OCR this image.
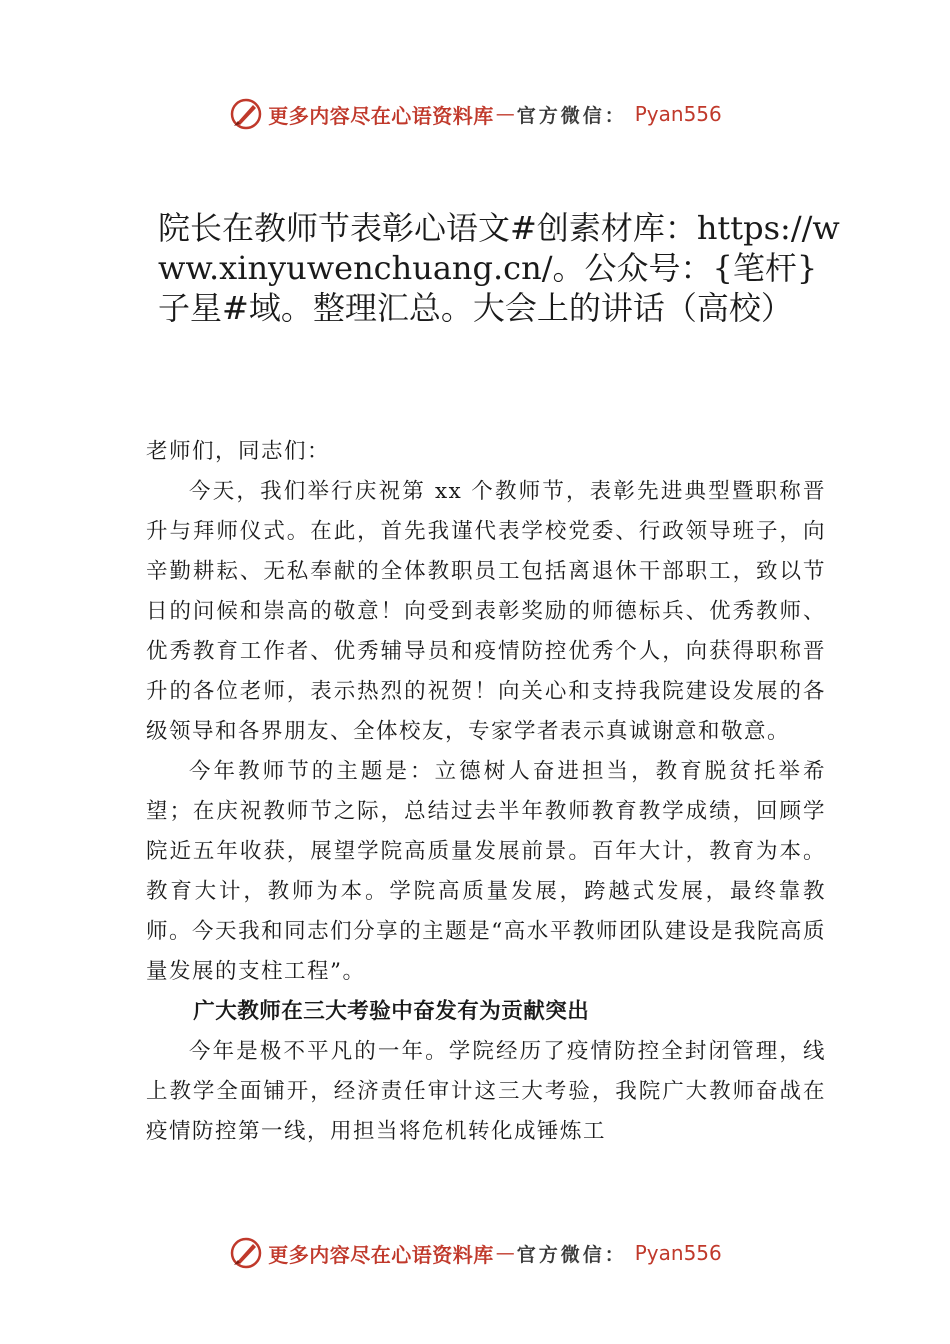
更多内容尽在心语资料库 — 官方微信： Pyan556
院长在教师节表彰心语文#创素材库：https://www.xinyuwenchuang.cn/。公众号：{笔杆}子星#域。整理汇总。大会上的讲话（高校）

老师们，同志们：

今天，我们举行庆祝第 xx 个教师节，表彰先进典型暨职称晋升与拜师仪式。在此，首先我谨代表学校党委、行政领导班子，向辛勤耕耘、无私奉献的全体教职员工包括离退休干部职工，致以节日的问候和崇高的敬意！向受到表彰奖励的师德标兵、优秀教师、优秀教育工作者、优秀辅导员和疫情防控优秀个人，向获得职称晋升的各位老师，表示热烈的祝贺！向关心和支持我院建设发展的各级领导和各界朋友、全体校友，专家学者表示真诚谢意和敬意。

今年教师节的主题是：立德树人奋进担当，教育脱贫托举希望；在庆祝教师节之际，总结过去半年教师教育教学成绩，回顾学院近五年收获，展望学院高质量发展前景。百年大计，教育为本。教育大计，教师为本。学院高质量发展，跨越式发展，最终靠教师。今天我和同志们分享的主题是“高水平教师团队建设是我院高质量发展的支柱工程”。

广大教师在三大考验中奋发有为贡献突出

今年是极不平凡的一年。学院经历了疫情防控全封闭管理，线上教学全面铺开，经济责任审计这三大考验，我院广大教师奋战在疫情防控第一线，用担当将危机转化成锤炼工

更多内容尽在心语资料库 — 官方微信： Pyan556
